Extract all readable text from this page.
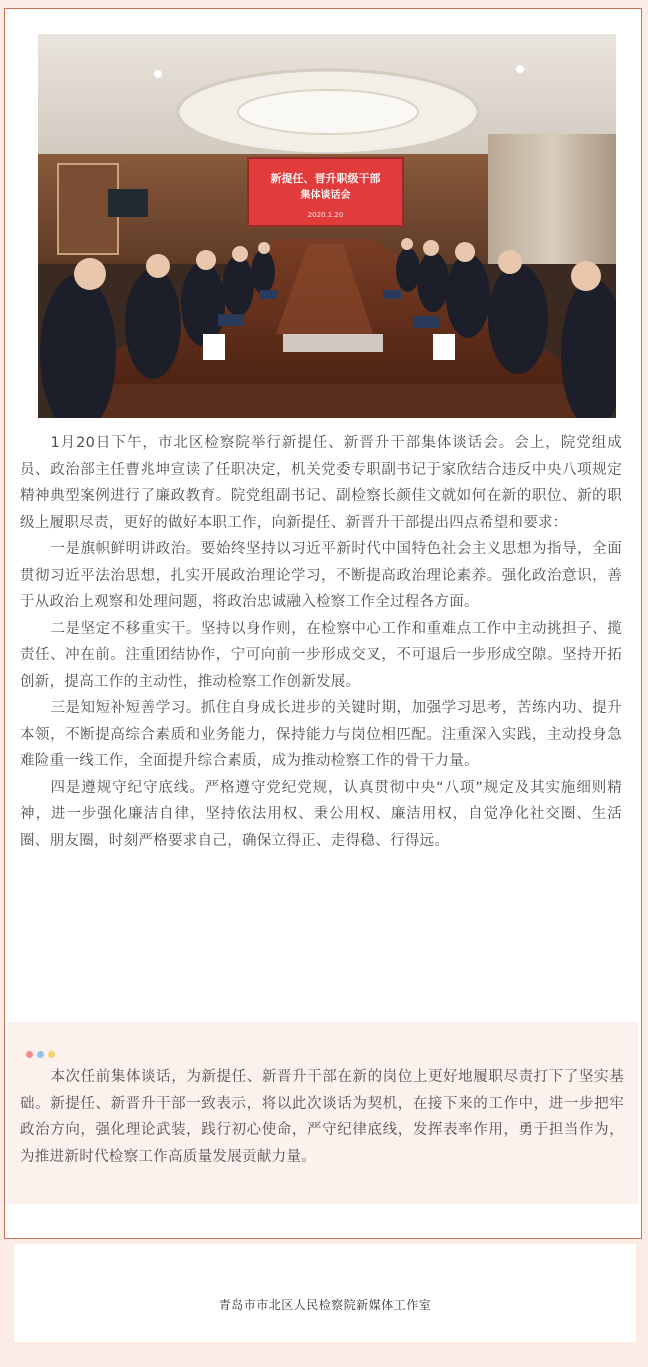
新提任、晋升职级干部
集体谈话会
2020.1.20

1月20日下午，市北区检察院举行新提任、新晋升干部集体谈话会。会上，院党组成员、政治部主任曹兆坤宣读了任职决定，机关党委专职副书记于家欣结合违反中央八项规定精神典型案例进行了廉政教育。院党组副书记、副检察长颜佳文就如何在新的职位、新的职级上履职尽责，更好的做好本职工作，向新提任、新晋升干部提出四点希望和要求：

一是旗帜鲜明讲政治。要始终坚持以习近平新时代中国特色社会主义思想为指导，全面贯彻习近平法治思想，扎实开展政治理论学习，不断提高政治理论素养。强化政治意识，善于从政治上观察和处理问题，将政治忠诚融入检察工作全过程各方面。

二是坚定不移重实干。坚持以身作则，在检察中心工作和重难点工作中主动挑担子、揽责任、冲在前。注重团结协作，宁可向前一步形成交叉，不可退后一步形成空隙。坚持开拓创新，提高工作的主动性，推动检察工作创新发展。

三是知短补短善学习。抓住自身成长进步的关键时期，加强学习思考，苦练内功、提升本领，不断提高综合素质和业务能力，保持能力与岗位相匹配。注重深入实践，主动投身急难险重一线工作，全面提升综合素质，成为推动检察工作的骨干力量。

四是遵规守纪守底线。严格遵守党纪党规，认真贯彻中央“八项”规定及其实施细则精神，进一步强化廉洁自律，坚持依法用权、秉公用权、廉洁用权，自觉净化社交圈、生活圈、朋友圈，时刻严格要求自己，确保立得正、走得稳、行得远。

本次任前集体谈话，为新提任、新晋升干部在新的岗位上更好地履职尽责打下了坚实基础。新提任、新晋升干部一致表示，将以此次谈话为契机，在接下来的工作中，进一步把牢政治方向，强化理论武装，践行初心使命，严守纪律底线，发挥表率作用，勇于担当作为，为推进新时代检察工作高质量发展贡献力量。

青岛市市北区人民检察院新媒体工作室
